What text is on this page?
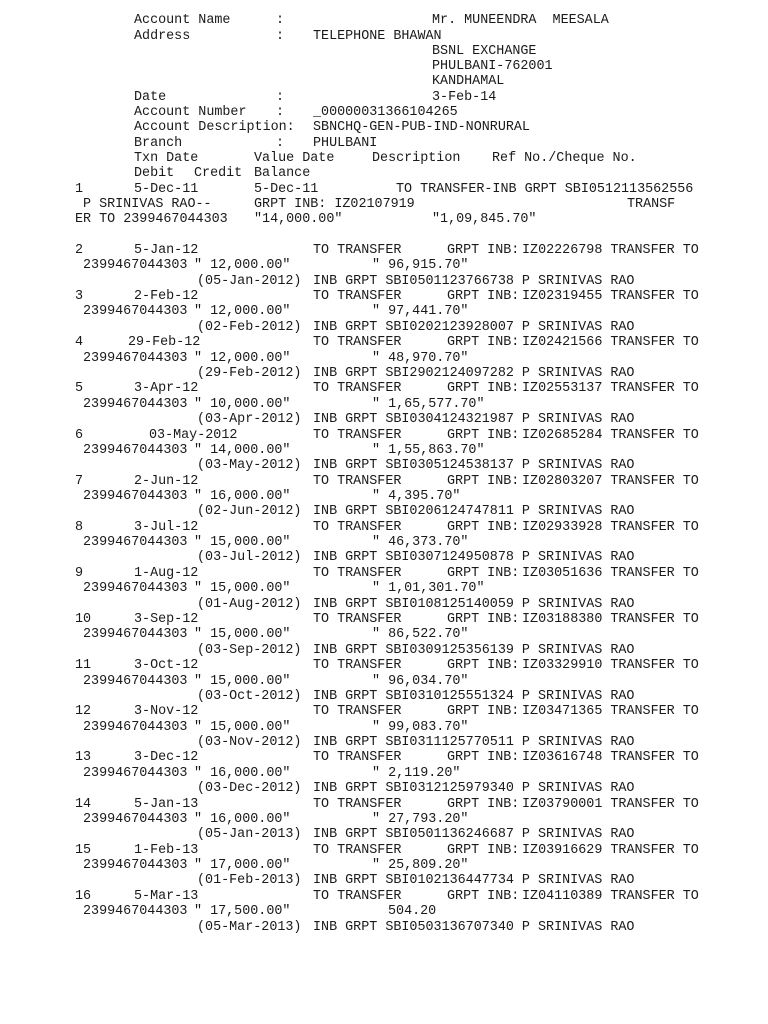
Account Name	:	Mr. MUNEENDRA  MEESALA
Address	: TELEPHONE BHAWAN
BSNL EXCHANGE
PHULBANI-762001
KANDHAMAL
Date	:	3-Feb-14
Account Number : _00000031366104265
Account Description: SBNCHQ-GEN-PUB-IND-NONRURAL
Branch	: PHULBANI
Txn Date	Value Date	Description Ref No./Cheque No.
Debit Credit Balance
1	5-Dec-11	5-Dec-11	TO TRANSFER-INB GRPT SBI0512113562556
P SRINIVAS RAO--	GRPT INB: IZ02107919	TRANSF
ER TO 2399467044303 "14,000.00"	"1,09,845.70"
2	5-Jan-12	TO TRANSFER	GRPT INB: IZ02226798 TRANSFER TO
2399467044303 " 12,000.00"	" 96,915.70"
(05-Jan-2012) INB GRPT SBI0501123766738 P SRINIVAS RAO
3	2-Feb-12	TO TRANSFER	GRPT INB: IZ02319455 TRANSFER TO
2399467044303 " 12,000.00"	" 97,441.70"
(02-Feb-2012) INB GRPT SBI0202123928007 P SRINIVAS RAO
4	29-Feb-12	TO TRANSFER	GRPT INB: IZ02421566 TRANSFER TO
2399467044303 " 12,000.00"	" 48,970.70"
(29-Feb-2012) INB GRPT SBI2902124097282 P SRINIVAS RAO
5	3-Apr-12	TO TRANSFER	GRPT INB: IZ02553137 TRANSFER TO
2399467044303 " 10,000.00"	" 1,65,577.70"
(03-Apr-2012) INB GRPT SBI0304124321987 P SRINIVAS RAO
6	03-May-2012	TO TRANSFER	GRPT INB: IZ02685284 TRANSFER TO
2399467044303 " 14,000.00"	" 1,55,863.70"
(03-May-2012) INB GRPT SBI0305124538137 P SRINIVAS RAO
7	2-Jun-12	TO TRANSFER	GRPT INB: IZ02803207 TRANSFER TO
2399467044303 " 16,000.00"	" 4,395.70"
(02-Jun-2012) INB GRPT SBI0206124747811 P SRINIVAS RAO
8	3-Jul-12	TO TRANSFER	GRPT INB: IZ02933928 TRANSFER TO
2399467044303 " 15,000.00"	" 46,373.70"
(03-Jul-2012) INB GRPT SBI0307124950878 P SRINIVAS RAO
9	1-Aug-12	TO TRANSFER	GRPT INB: IZ03051636 TRANSFER TO
2399467044303 " 15,000.00"	" 1,01,301.70"
(01-Aug-2012) INB GRPT SBI0108125140059 P SRINIVAS RAO
10	3-Sep-12	TO TRANSFER	GRPT INB: IZ03188380 TRANSFER TO
2399467044303 " 15,000.00"	" 86,522.70"
(03-Sep-2012) INB GRPT SBI0309125356139 P SRINIVAS RAO
11	3-Oct-12	TO TRANSFER	GRPT INB: IZ03329910 TRANSFER TO
2399467044303 " 15,000.00"	" 96,034.70"
(03-Oct-2012) INB GRPT SBI0310125551324 P SRINIVAS RAO
12	3-Nov-12	TO TRANSFER	GRPT INB: IZ03471365 TRANSFER TO
2399467044303 " 15,000.00"	" 99,083.70"
(03-Nov-2012) INB GRPT SBI0311125770511 P SRINIVAS RAO
13	3-Dec-12	TO TRANSFER	GRPT INB: IZ03616748 TRANSFER TO
2399467044303 " 16,000.00"	" 2,119.20"
(03-Dec-2012) INB GRPT SBI0312125979340 P SRINIVAS RAO
14	5-Jan-13	TO TRANSFER	GRPT INB: IZ03790001 TRANSFER TO
2399467044303 " 16,000.00"	" 27,793.20"
(05-Jan-2013) INB GRPT SBI0501136246687 P SRINIVAS RAO
15	1-Feb-13	TO TRANSFER	GRPT INB: IZ03916629 TRANSFER TO
2399467044303 " 17,000.00"	" 25,809.20"
(01-Feb-2013) INB GRPT SBI0102136447734 P SRINIVAS RAO
16	5-Mar-13	TO TRANSFER	GRPT INB: IZ04110389 TRANSFER TO
2399467044303 " 17,500.00"	504.20
(05-Mar-2013) INB GRPT SBI0503136707340 P SRINIVAS RAO
